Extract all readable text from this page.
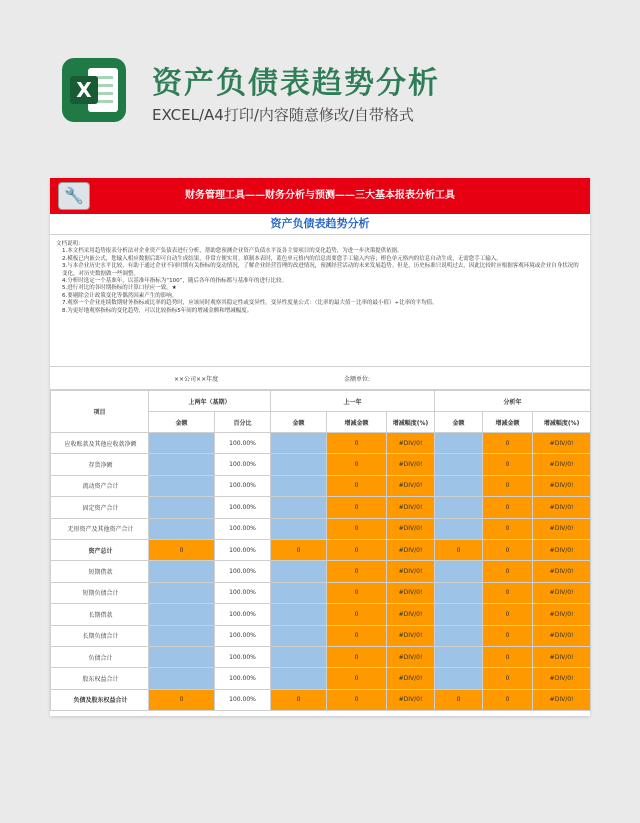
X 资产负债表趋势分析
EXCEL/A4打印/内容随意修改/自带格式
🔧	财务管理工具——财务分析与预测——三大基本报表分析工具
资产负债表趋势分析
文档说明：
1.本文档采用趋势报表分析法对企业资产负债表进行分析，帮助您预测企业资产负债水平及各主要项目的变化趋势，为进一步决策提供依据。
2.模板已内嵌公式，您输入相应数据后即可自动生成结果，非常方便实用。填制本表时，蓝色单元格内的信息需要您手工输入内容；橙色单元格内的信息自动生成，无需您手工输入。
3.与本企业历史水平比较，有助于通过企业不同时期有关指标的变动情况，了解企业经营管理的改进情况，预测经营活动的未来发展趋势。但是，历史标准只说明过去，因此比较时应根据客观环境或企业自身状况的变化，对历史数据做一些调整。
4.分析时选定一个基准年，以基准年指标为“100”，随后各年的指标都与基准年的进行比较。
5.进行对比的各时期指标的计算口径应一致。★
6.要剔除会计政策变化等偶然因素产生的影响。
7.观察一个企业连续数期财务指标或比率的趋势时，应该同时观察其稳定性或变异性。变异性度量公式：（比率的最大值－比率的最小值）÷比率的平均值。
8.为更好地观察指标的变化趋势，可以比较指标5年间的增减金额和增减幅度。
××公司××年度	金额单位:
项目	上两年（基期）		上一年			分析年		
	金额	百分比	金额	增减金额	增减幅度(%)	金额	增减金额	增减幅度(%)
应收账款及其他应收款净额		100.00%		0	#DIV/0!		0	#DIV/0!
存货净额		100.00%		0	#DIV/0!		0	#DIV/0!
流动资产合计		100.00%		0	#DIV/0!		0	#DIV/0!
固定资产合计		100.00%		0	#DIV/0!		0	#DIV/0!
无形资产及其他资产合计		100.00%		0	#DIV/0!		0	#DIV/0!
资产总计	0	100.00%	0	0	#DIV/0!	0	0	#DIV/0!
短期借款		100.00%		0	#DIV/0!		0	#DIV/0!
短期负债合计		100.00%		0	#DIV/0!		0	#DIV/0!
长期借款		100.00%		0	#DIV/0!		0	#DIV/0!
长期负债合计		100.00%		0	#DIV/0!		0	#DIV/0!
负债合计		100.00%		0	#DIV/0!		0	#DIV/0!
股东权益合计		100.00%		0	#DIV/0!		0	#DIV/0!
负债及股东权益合计	0	100.00%	0	0	#DIV/0!	0	0	#DIV/0!
